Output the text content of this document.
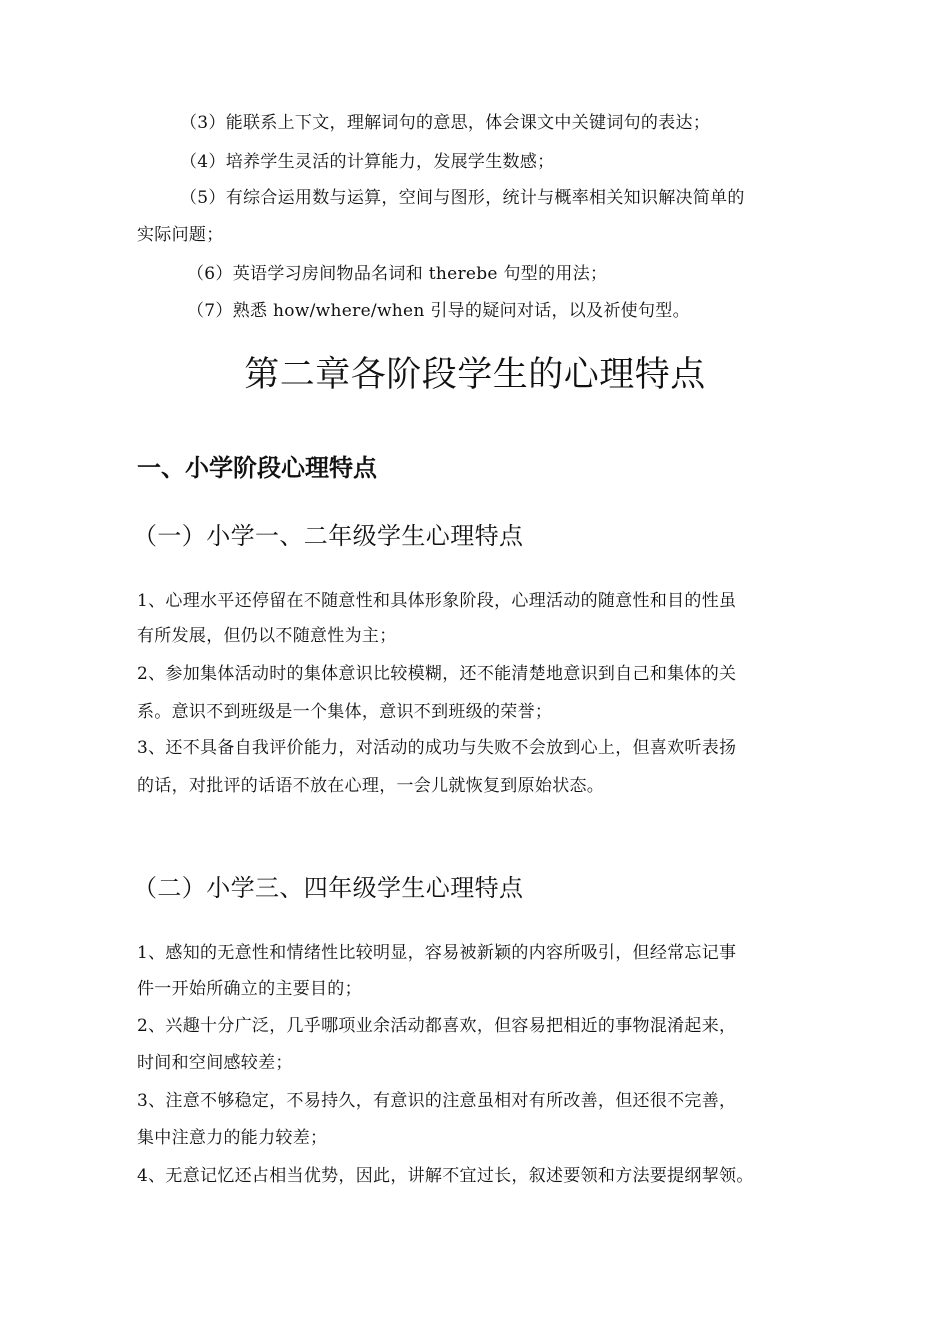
（3）能联系上下文，理解词句的意思，体会课文中关键词句的表达；
（4）培养学生灵活的计算能力，发展学生数感；
（5）有综合运用数与运算，空间与图形，统计与概率相关知识解决简单的
实际问题；
（6）英语学习房间物品名词和 therebe 句型的用法；
（7）熟悉 how/where/when 引导的疑问对话，以及祈使句型。
第二章各阶段学生的心理特点
一、小学阶段心理特点
（一）小学一、二年级学生心理特点
1、心理水平还停留在不随意性和具体形象阶段，心理活动的随意性和目的性虽
有所发展，但仍以不随意性为主；
2、参加集体活动时的集体意识比较模糊，还不能清楚地意识到自己和集体的关
系。意识不到班级是一个集体，意识不到班级的荣誉；
3、还不具备自我评价能力，对活动的成功与失败不会放到心上，但喜欢听表扬
的话，对批评的话语不放在心理，一会儿就恢复到原始状态。
（二）小学三、四年级学生心理特点
1、感知的无意性和情绪性比较明显，容易被新颖的内容所吸引，但经常忘记事
件一开始所确立的主要目的；
2、兴趣十分广泛，几乎哪项业余活动都喜欢，但容易把相近的事物混淆起来，
时间和空间感较差；
3、注意不够稳定，不易持久，有意识的注意虽相对有所改善，但还很不完善，
集中注意力的能力较差；
4、无意记忆还占相当优势，因此，讲解不宜过长，叙述要领和方法要提纲挈领。
